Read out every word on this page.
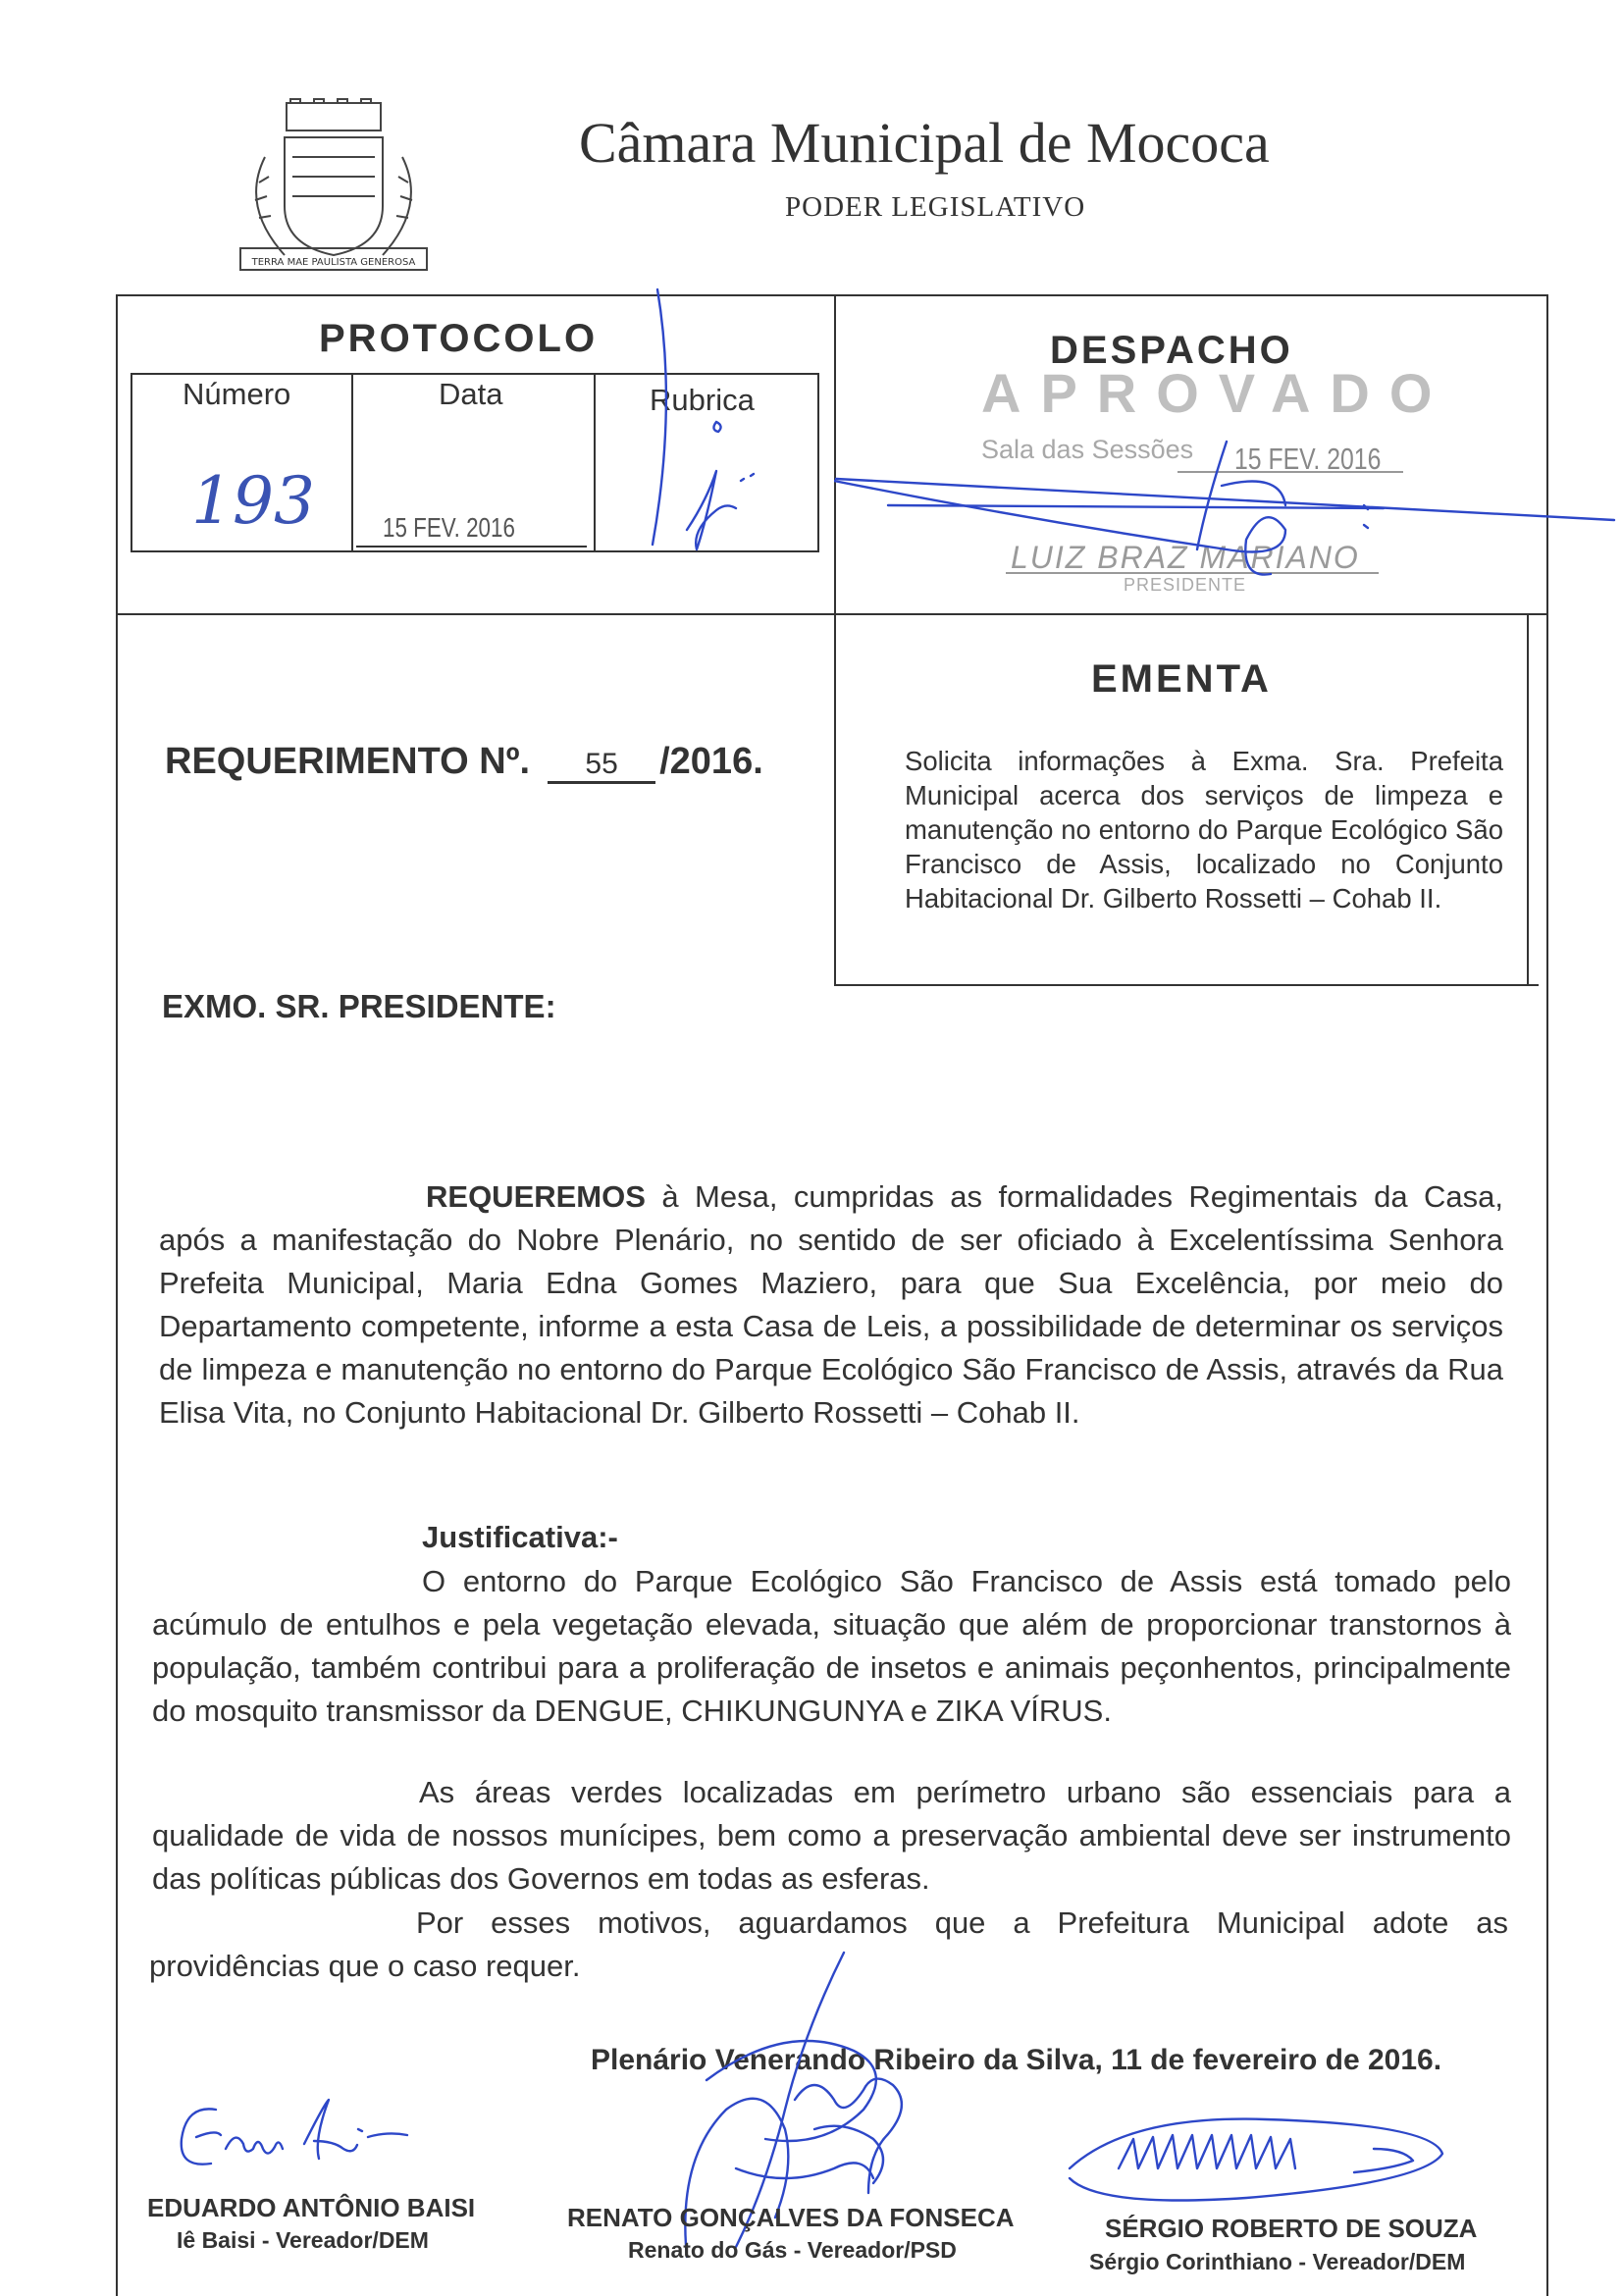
TERRA MAE PAULISTA GENEROSA
Câmara Municipal de Mococa
PODER LEGISLATIVO
PROTOCOLO
Número	Data	Rubrica
193 15 FEV. 2016
DESPACHO
APROVADO
Sala das Sessões 15 FEV. 2016
LUIZ BRAZ MARIANO
PRESIDENTE
EMENTA
Solicita informações à Exma. Sra. Prefeita Municipal acerca dos serviços de limpeza e manutenção no entorno do Parque Ecológico São Francisco de Assis, localizado no Conjunto Habitacional Dr. Gilberto Rossetti – Cohab II.
REQUERIMENTO Nº. 55 /2016.
EXMO. SR. PRESIDENTE:
REQUEREMOS à Mesa, cumpridas as formalidades Regimentais da Casa, após a manifestação do Nobre Plenário, no sentido de ser oficiado à Excelentíssima Senhora Prefeita Municipal, Maria Edna Gomes Maziero, para que Sua Excelência, por meio do Departamento competente, informe a esta Casa de Leis, a possibilidade de determinar os serviços de limpeza e manutenção no entorno do Parque Ecológico São Francisco de Assis, através da Rua Elisa Vita, no Conjunto Habitacional Dr. Gilberto Rossetti – Cohab II.
Justificativa:-
O entorno do Parque Ecológico São Francisco de Assis está tomado pelo acúmulo de entulhos e pela vegetação elevada, situação que além de proporcionar transtornos à população, também contribui para a proliferação de insetos e animais peçonhentos, principalmente do mosquito transmissor da DENGUE, CHIKUNGUNYA e ZIKA VÍRUS.
As áreas verdes localizadas em perímetro urbano são essenciais para a qualidade de vida de nossos munícipes, bem como a preservação ambiental deve ser instrumento das políticas públicas dos Governos em todas as esferas.
Por esses motivos, aguardamos que a Prefeitura Municipal adote as providências que o caso requer.
Plenário Venerando Ribeiro da Silva, 11 de fevereiro de 2016.
EDUARDO ANTÔNIO BAISI
Iê Baisi - Vereador/DEM
RENATO GONÇALVES DA FONSECA
Renato do Gás - Vereador/PSD
SÉRGIO ROBERTO DE SOUZA
Sérgio Corinthiano - Vereador/DEM
